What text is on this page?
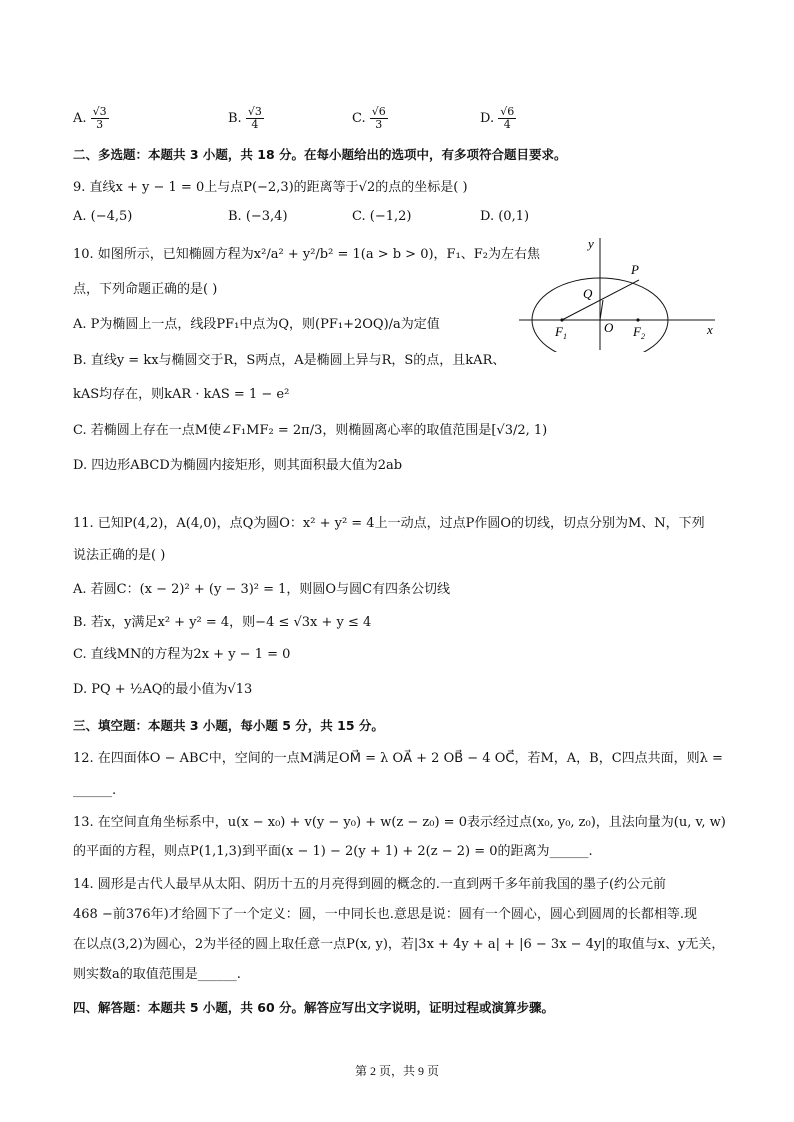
A. $\frac{√3}{3}$	B. $\frac{√3}{4}$	C. $\frac{√6}{3}$	D. $\frac{√6}{4}$
二、多选题：本题共 3 小题，共 18 分。在每小题给出的选项中，有多项符合题目要求。
9. 直线x + y − 1 = 0上与点P(−2,3)的距离等于√2的点的坐标是( )
A. (−4,5)	B. (−3,4)	C. (−1,2)	D. (0,1)
10. 如图所示，已知椭圆方程为x²/a² + y²/b² = 1(a > b > 0)，F₁、F₂为左右焦
点，下列命题正确的是( )
A. P为椭圆上一点，线段PF₁中点为Q，则(PF₁+2OQ)/a为定值
B. 直线y = kx与椭圆交于R，S两点，A是椭圆上异与R，S的点，且kAR、
kAS均存在，则kAR · kAS = 1 − e²
C. 若椭圆上存在一点M使∠F₁MF₂ = 2π/3，则椭圆离心率的取值范围是[√3/2, 1)
D. 四边形ABCD为椭圆内接矩形，则其面积最大值为2ab
y
x
P
Q
O
$F_1$	$F_2$
11. 已知P(4,2)，A(4,0)，点Q为圆O：x² + y² = 4上一动点，过点P作圆O的切线，切点分别为M、N，下列
说法正确的是( )
A. 若圆C：(x − 2)² + (y − 3)² = 1，则圆O与圆C有四条公切线
B. 若x，y满足x² + y² = 4，则−4 ≤ √3x + y ≤ 4
C. 直线MN的方程为2x + y − 1 = 0
D. PQ + ½AQ的最小值为√13
三、填空题：本题共 3 小题，每小题 5 分，共 15 分。
12. 在四面体O − ABC中，空间的一点M满足OM⃗ = λ OA⃗ + 2 OB⃗ − 4 OC⃗，若M，A，B，C四点共面，则λ =
______.
13. 在空间直角坐标系中，u(x − x₀) + v(y − y₀) + w(z − z₀) = 0表示经过点(x₀, y₀, z₀)，且法向量为(u, v, w)
的平面的方程，则点P(1,1,3)到平面(x − 1) − 2(y + 1) + 2(z − 2) = 0的距离为______.
14. 圆形是古代人最早从太阳、阴历十五的月亮得到圆的概念的.一直到两千多年前我国的墨子(约公元前
468 −前376年)才给圆下了一个定义：圆，一中同长也.意思是说：圆有一个圆心，圆心到圆周的长都相等.现
在以点(3,2)为圆心，2为半径的圆上取任意一点P(x, y)，若|3x + 4y + a| + |6 − 3x − 4y|的取值与x、y无关，
则实数a的取值范围是______.
四、解答题：本题共 5 小题，共 60 分。解答应写出文字说明，证明过程或演算步骤。
第 2 页，共 9 页
